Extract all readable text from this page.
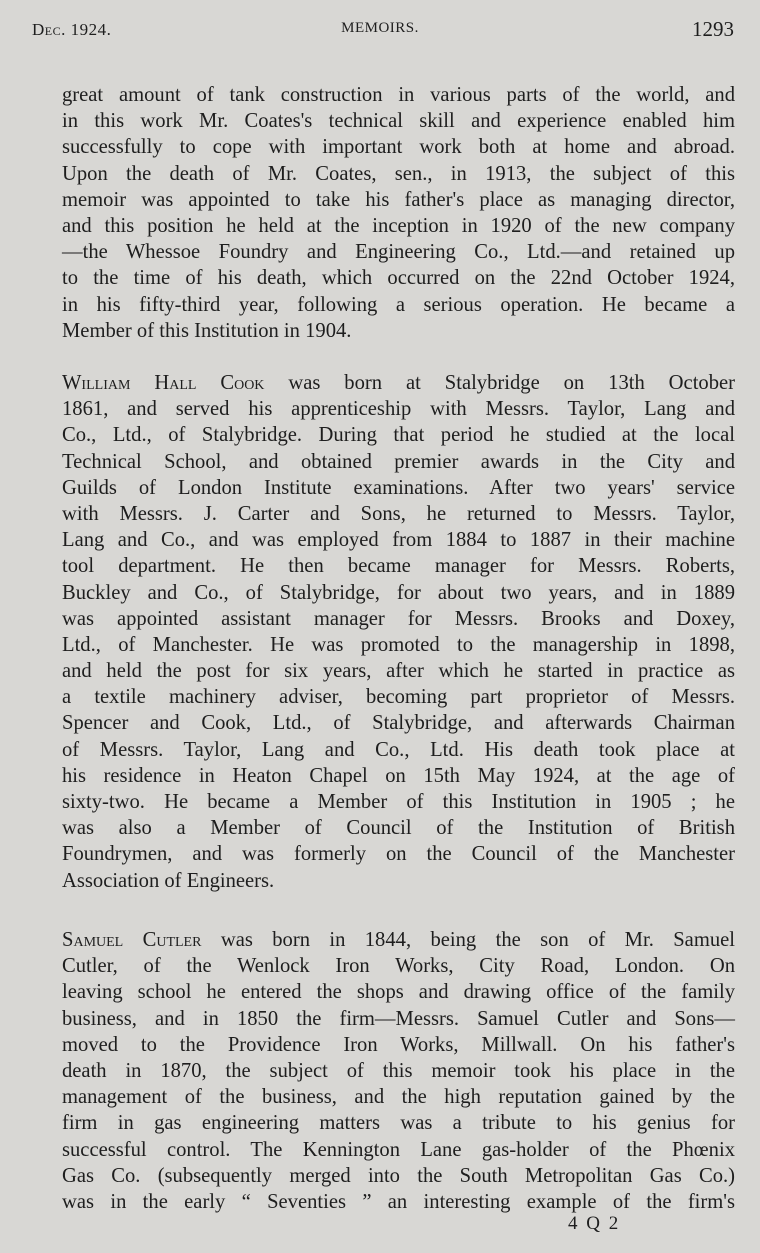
Dec. 1924.	MEMOIRS.	1293
great amount of tank construction in various parts of the world, and
in this work Mr. Coates's technical skill and experience enabled him
successfully to cope with important work both at home and abroad.
Upon the death of Mr. Coates, sen., in 1913, the subject of this
memoir was appointed to take his father's place as managing director,
and this position he held at the inception in 1920 of the new company
—the Whessoe Foundry and Engineering Co., Ltd.—and retained up
to the time of his death, which occurred on the 22nd October 1924,
in his fifty-third year, following a serious operation. He became a
Member of this Institution in 1904.
William Hall Cook was born at Stalybridge on 13th October
1861, and served his apprenticeship with Messrs. Taylor, Lang and
Co., Ltd., of Stalybridge. During that period he studied at the local
Technical School, and obtained premier awards in the City and
Guilds of London Institute examinations. After two years' service
with Messrs. J. Carter and Sons, he returned to Messrs. Taylor,
Lang and Co., and was employed from 1884 to 1887 in their machine
tool department. He then became manager for Messrs. Roberts,
Buckley and Co., of Stalybridge, for about two years, and in 1889
was appointed assistant manager for Messrs. Brooks and Doxey,
Ltd., of Manchester. He was promoted to the managership in 1898,
and held the post for six years, after which he started in practice as
a textile machinery adviser, becoming part proprietor of Messrs.
Spencer and Cook, Ltd., of Stalybridge, and afterwards Chairman
of Messrs. Taylor, Lang and Co., Ltd. His death took place at
his residence in Heaton Chapel on 15th May 1924, at the age of
sixty-two. He became a Member of this Institution in 1905 ; he
was also a Member of Council of the Institution of British
Foundrymen, and was formerly on the Council of the Manchester
Association of Engineers.
Samuel Cutler was born in 1844, being the son of Mr. Samuel
Cutler, of the Wenlock Iron Works, City Road, London. On
leaving school he entered the shops and drawing office of the family
business, and in 1850 the firm—Messrs. Samuel Cutler and Sons—
moved to the Providence Iron Works, Millwall. On his father's
death in 1870, the subject of this memoir took his place in the
management of the business, and the high reputation gained by the
firm in gas engineering matters was a tribute to his genius for
successful control. The Kennington Lane gas-holder of the Phœnix
Gas Co. (subsequently merged into the South Metropolitan Gas Co.)
was in the early “ Seventies ” an interesting example of the firm's
4 Q 2
